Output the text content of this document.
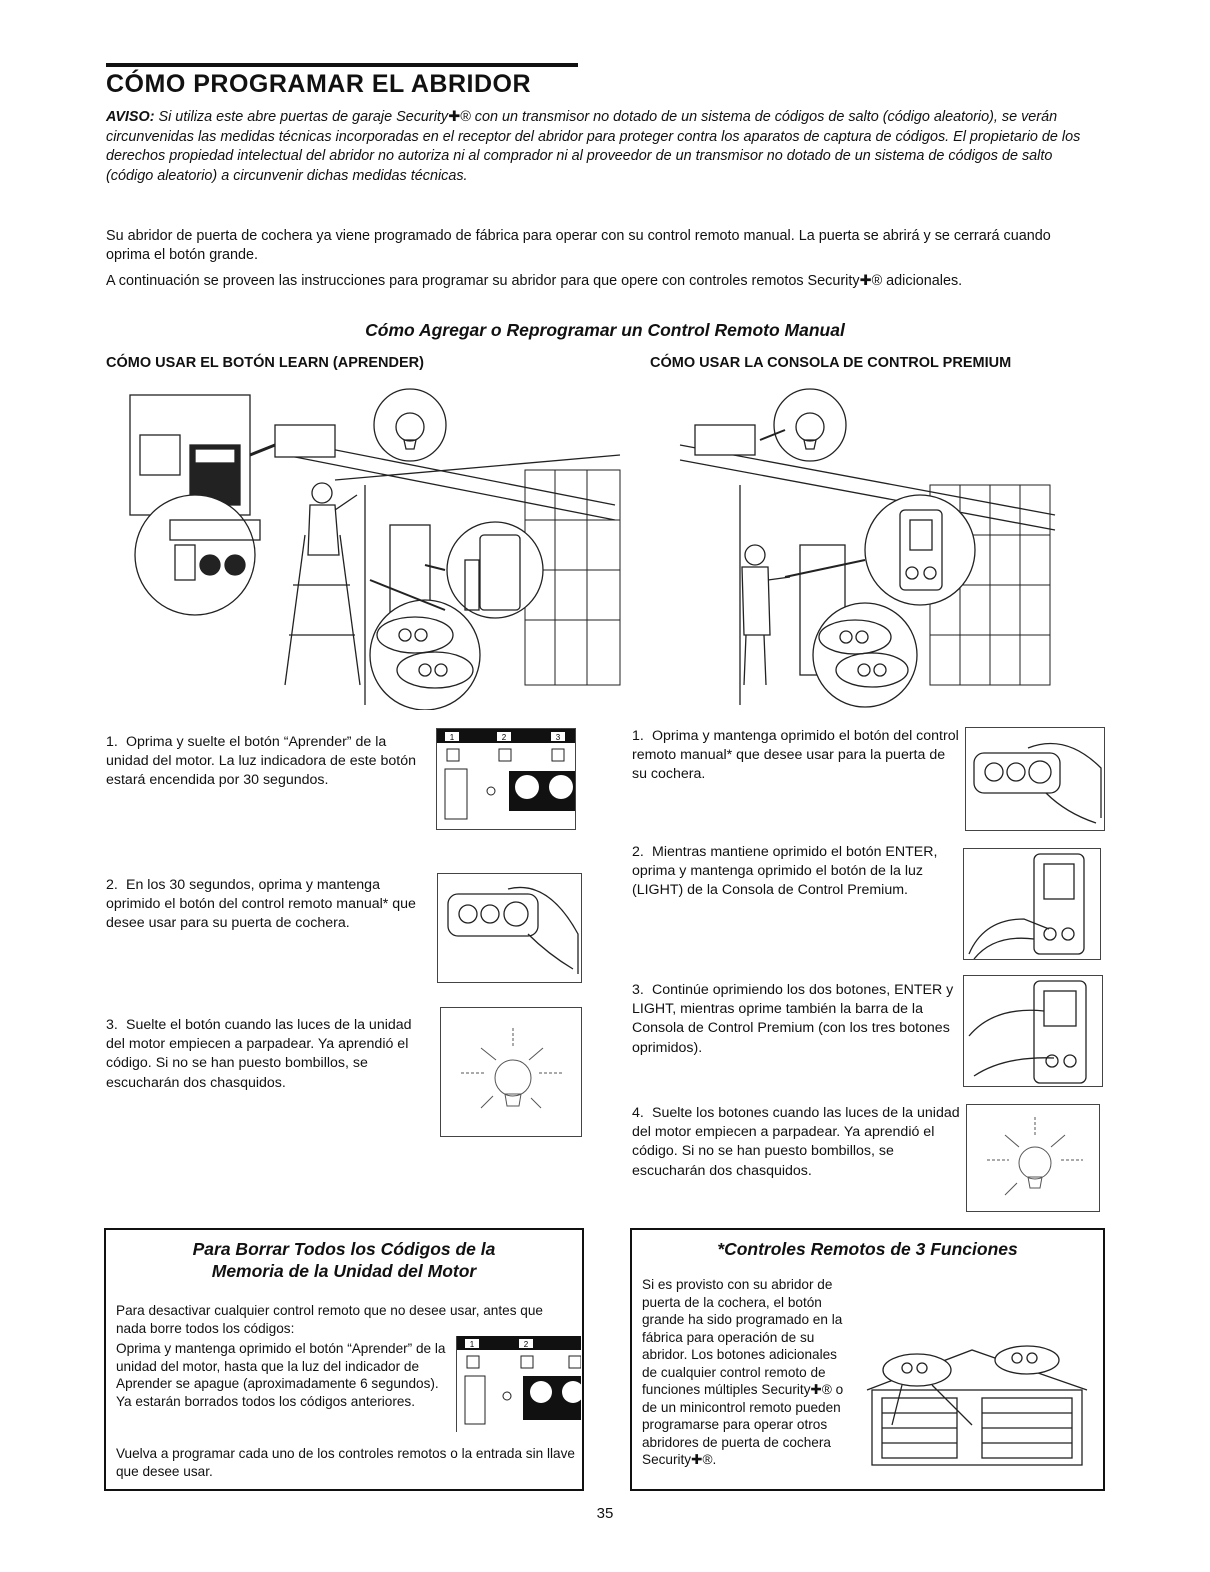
CÓMO PROGRAMAR EL ABRIDOR
AVISO: Si utiliza este abre puertas de garaje Security✚® con un transmisor no dotado de un sistema de códigos de salto (código aleatorio), se verán circunvenidas las medidas técnicas incorporadas en el receptor del abridor para proteger contra los aparatos de captura de códigos. El propietario de los derechos propiedad intelectual del abridor no autoriza ni al comprador ni al proveedor de un transmisor no dotado de un sistema de códigos de salto (código aleatorio) a circunvenir dichas medidas técnicas.
Su abridor de puerta de cochera ya viene programado de fábrica para operar con su control remoto manual. La puerta se abrirá y se cerrará cuando oprima el botón grande.
A continuación se proveen las instrucciones para programar su abridor para que opere con controles remotos Security✚® adicionales.
Cómo Agregar o Reprogramar un Control Remoto Manual
CÓMO USAR EL BOTÓN LEARN (APRENDER)	CÓMO USAR LA CONSOLA DE CONTROL PREMIUM
1. Oprima y suelte el botón “Aprender” de la unidad del motor. La luz indicadora de este botón estará encendida por 30 segundos.
1	2	3
2. En los 30 segundos, oprima y mantenga oprimido el botón del control remoto manual* que desee usar para su puerta de cochera.
3. Suelte el botón cuando las luces de la unidad del motor empiecen a parpadear. Ya aprendió el código. Si no se han puesto bombillos, se escucharán dos chasquidos.
1. Oprima y mantenga oprimido el botón del control remoto manual* que desee usar para la puerta de su cochera.
2. Mientras mantiene oprimido el botón ENTER, oprima y mantenga oprimido el botón de la luz (LIGHT) de la Consola de Control Premium.
3. Continúe oprimiendo los dos botones, ENTER y LIGHT, mientras oprime también la barra de la Consola de Control Premium (con los tres botones oprimidos).
4. Suelte los botones cuando las luces de la unidad del motor empiecen a parpadear. Ya aprendió el código. Si no se han puesto bombillos, se escucharán dos chasquidos.
Para Borrar Todos los Códigos de la
Memoria de la Unidad del Motor
Para desactivar cualquier control remoto que no desee usar, antes que nada borre todos los códigos:
Oprima y mantenga oprimido el botón “Aprender” de la unidad del motor, hasta que la luz del indicador de Aprender se apague (aproximadamente 6 segundos). Ya estarán borrados todos los códigos anteriores.
Vuelva a programar cada uno de los controles remotos o la entrada sin llave que desee usar.
1	2
*Controles Remotos de 3 Funciones
Si es provisto con su abridor de puerta de la cochera, el botón grande ha sido programado en la fábrica para operación de su abridor. Los botones adicionales de cualquier control remoto de funciones múltiples Security✚® o de un minicontrol remoto pueden programarse para operar otros abridores de puerta de cochera Security✚®.
35
